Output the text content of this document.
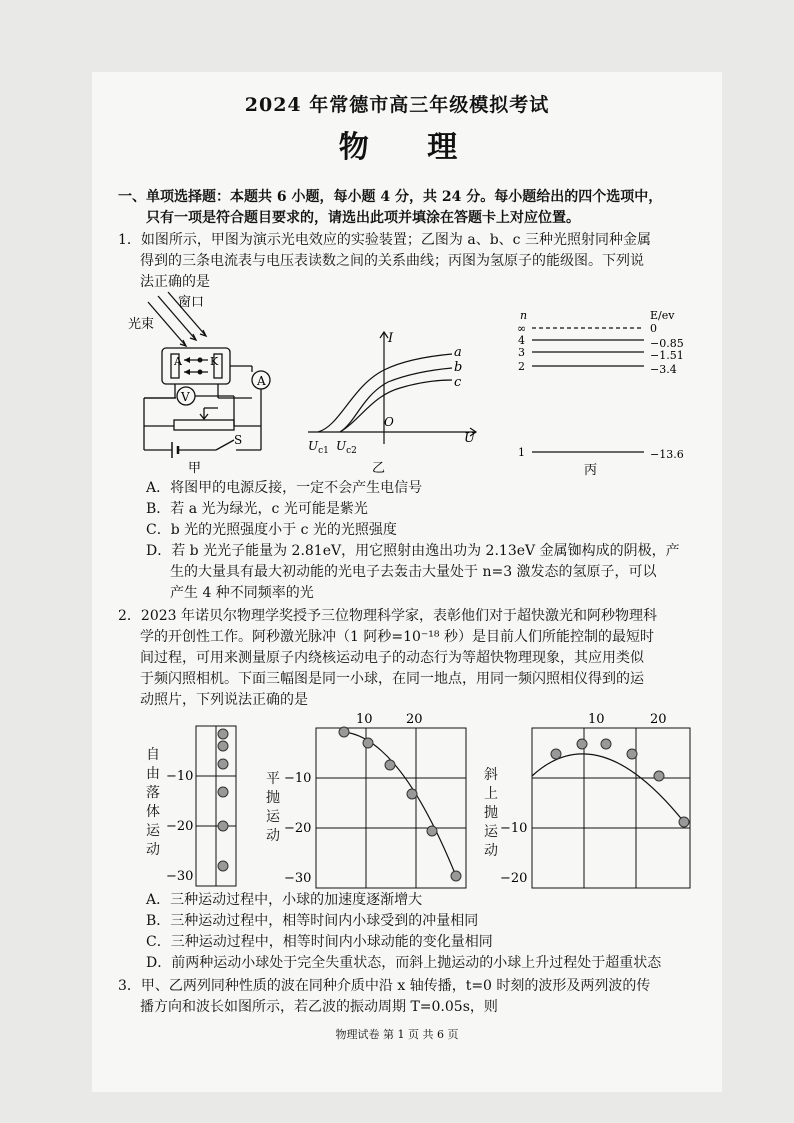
2024 年常德市高三年级模拟考试
物 理
一、单项选择题：本题共 6 小题，每小题 4 分，共 24 分。每小题给出的四个选项中，
只有一项是符合题目要求的，请选出此项并填涂在答题卡上对应位置。
1．如图所示，甲图为演示光电效应的实验装置；乙图为 a、b、c 三种光照射同种金属
得到的三条电流表与电压表读数之间的关系曲线；丙图为氢原子的能级图。下列说
法正确的是
窗口
光束
A	K
A
V
S
甲
I
U
O
a
b
c
$U_{c1}$ $U_{c2}$
乙
n	E/ev
∞	0
4	−0.85
3	−1.51
2	−3.4
1	−13.6
丙
A．将图甲的电源反接，一定不会产生电信号
B．若 a 光为绿光，c 光可能是紫光
C．b 光的光照强度小于 c 光的光照强度
D．若 b 光光子能量为 2.81eV，用它照射由逸出功为 2.13eV 金属铷构成的阴极，产
生的大量具有最大初动能的光电子去轰击大量处于 n=3 激发态的氢原子，可以
产生 4 种不同频率的光
2．2023 年诺贝尔物理学奖授予三位物理科学家，表彰他们对于超快激光和阿秒物理科
学的开创性工作。阿秒激光脉冲（1 阿秒=10⁻¹⁸ 秒）是目前人们所能控制的最短时
间过程，可用来测量原子内绕核运动电子的动态行为等超快物理现象，其应用类似
于频闪照相机。下面三幅图是同一小球，在同一地点，用同一频闪照相仪得到的运
动照片，下列说法正确的是
自由落体运动
−10
−20
−30
平抛运动
10	20
−10
−20
−30
斜上抛运动
10	20
−10
−20
A．三种运动过程中，小球的加速度逐渐增大
B．三种运动过程中，相等时间内小球受到的冲量相同
C．三种运动过程中，相等时间内小球动能的变化量相同
D．前两种运动小球处于完全失重状态，而斜上抛运动的小球上升过程处于超重状态
3．甲、乙两列同种性质的波在同种介质中沿 x 轴传播，t=0 时刻的波形及两列波的传
播方向和波长如图所示，若乙波的振动周期 T=0.05s，则
物理试卷 第 1 页 共 6 页
